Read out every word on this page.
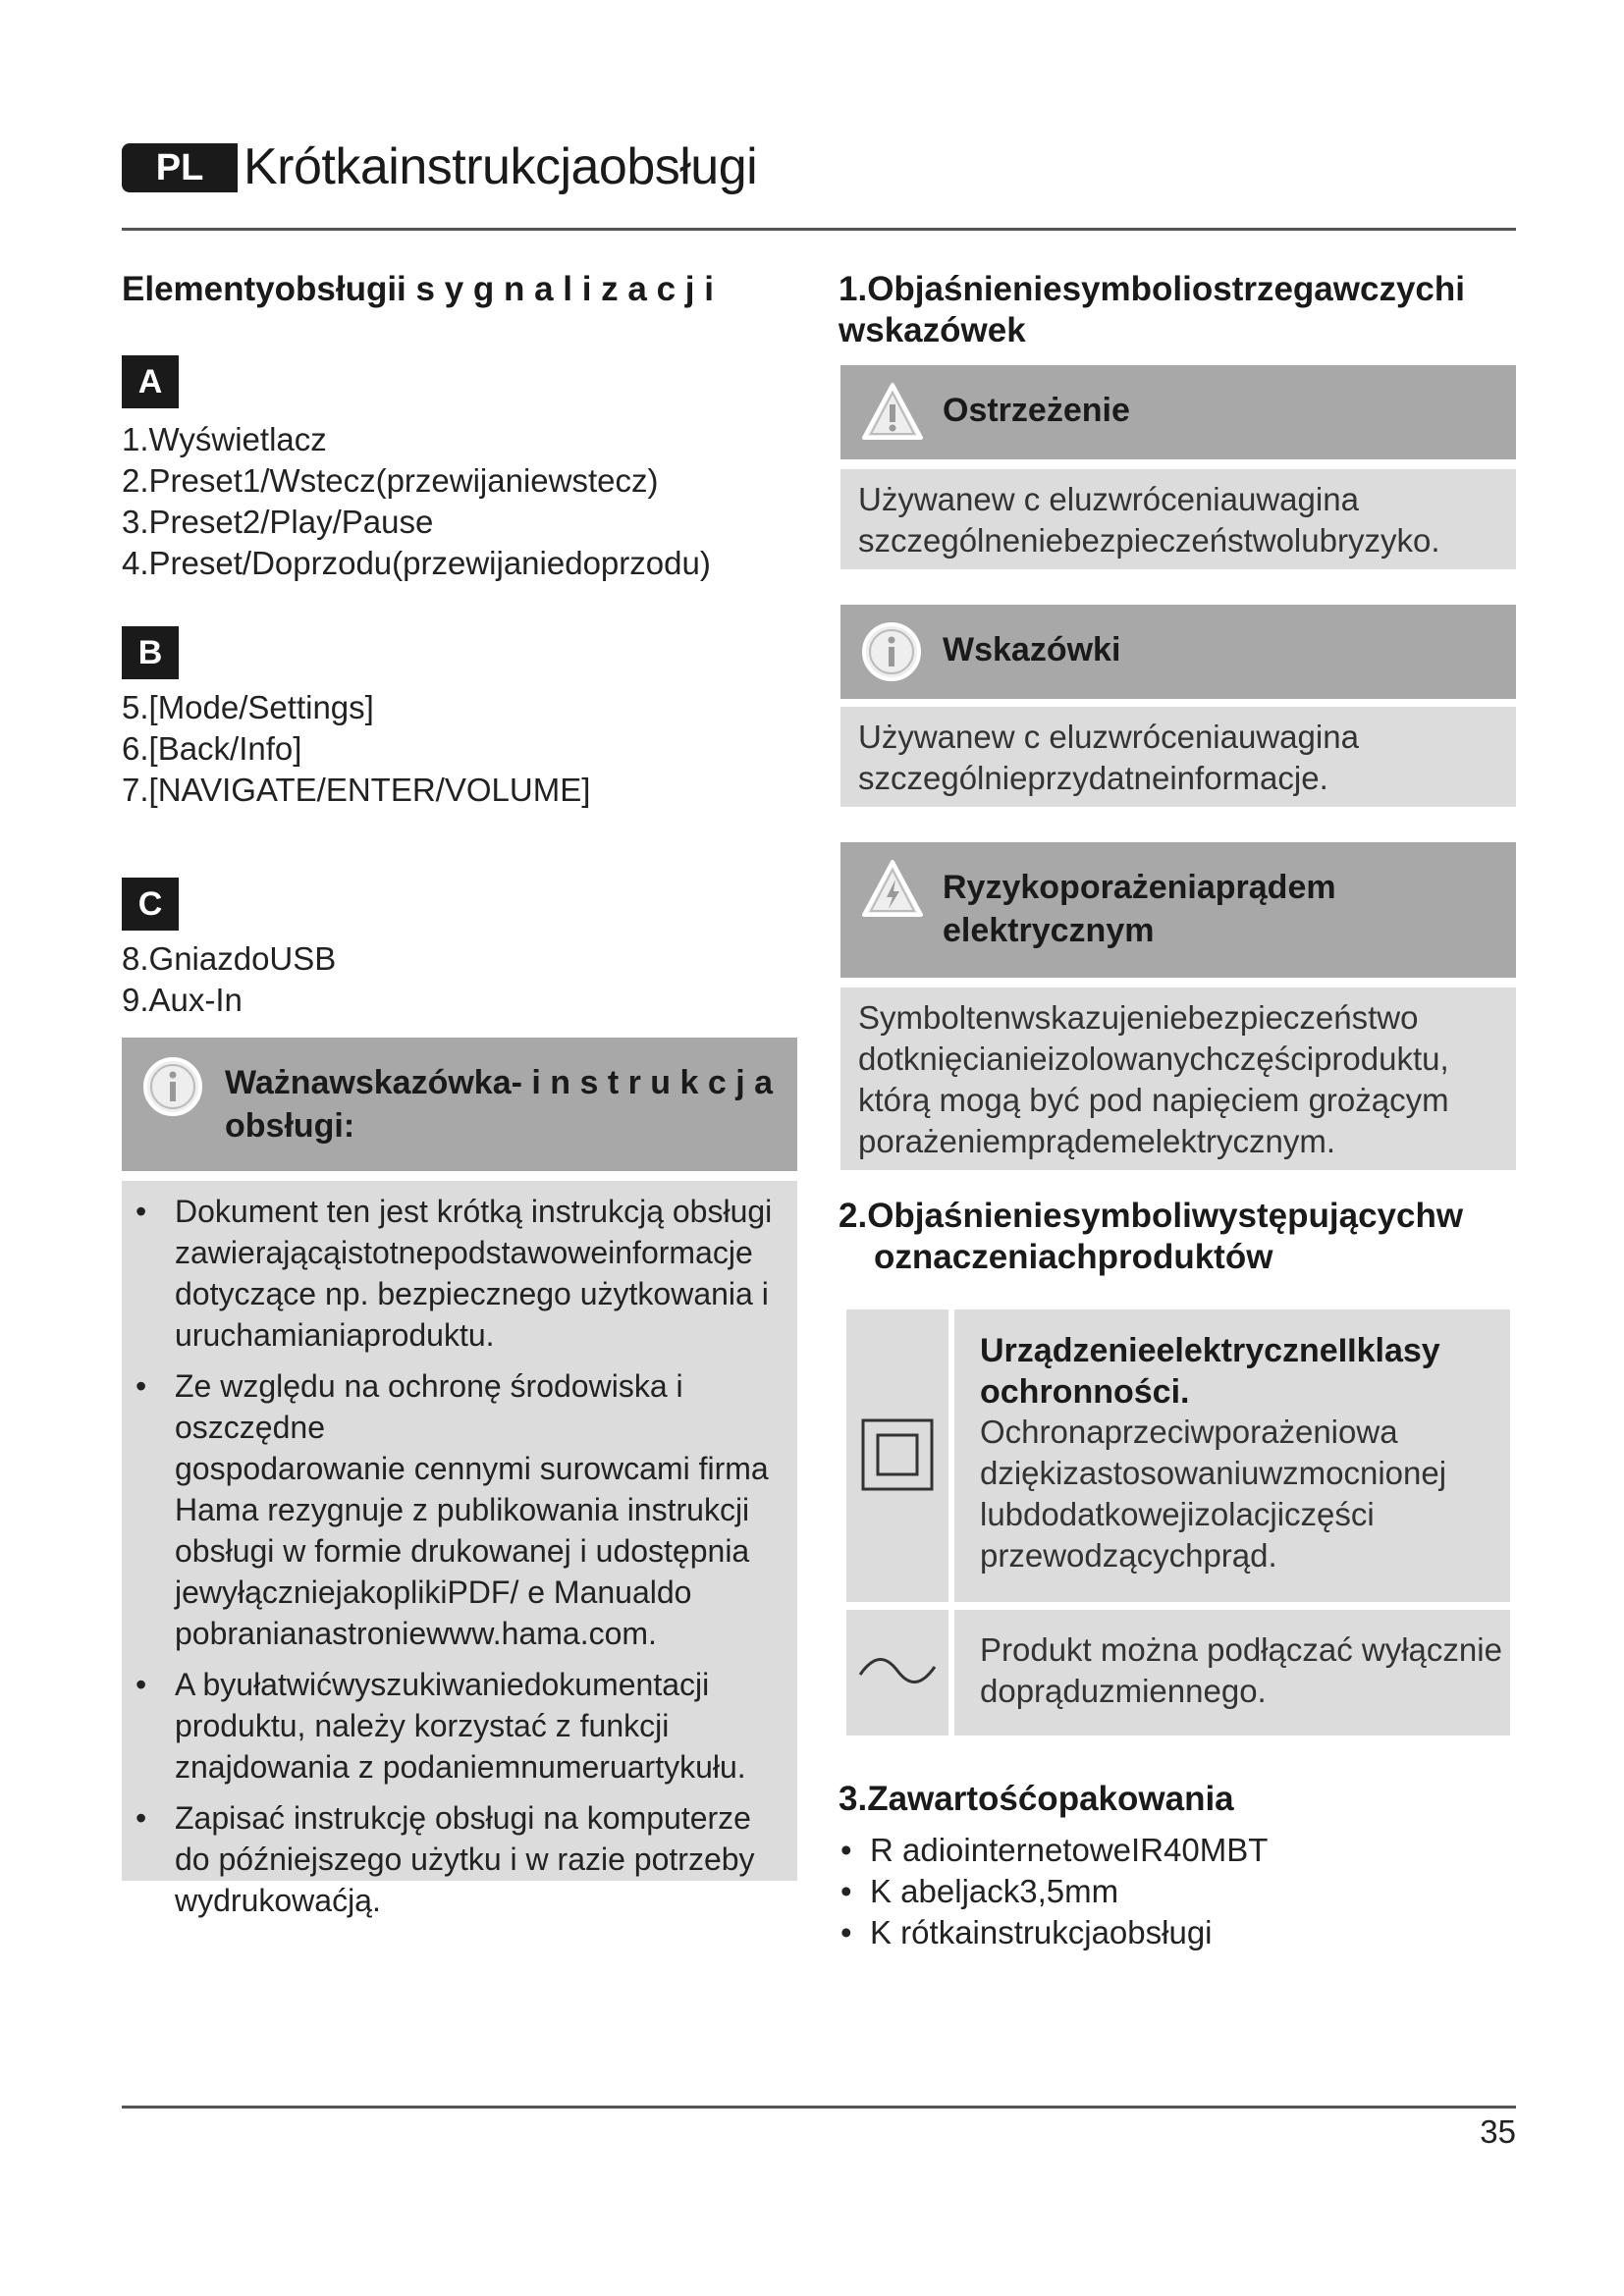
PL Krótkainstrukcjaobsługi
Elementyobsługii s y g n a l i z a c j i
A
1.Wyświetlacz
2.Preset1/Wstecz(przewijaniewstecz)
3.Preset2/Play/Pause
4.Preset/Doprzodu(przewijaniedoprzodu)
B
5.[Mode/Settings]
6.[Back/Info]
7.[NAVIGATE/ENTER/VOLUME]
C
8.GniazdoUSB
9.Aux-In
Ważnawskazówka- i n s t r u k c j a
obsługi:
• Dokument ten jest krótką instrukcją obsługi
zawierającąistotnepodstawoweinformacje
dotyczące np. bezpiecznego użytkowania i
uruchamianiaproduktu.
• Ze względu na ochronę środowiska i oszczędne
gospodarowanie cennymi surowcami firma
Hama rezygnuje z publikowania instrukcji
obsługi w formie drukowanej i udostępnia
jewyłączniejakoplikiPDF/ e Manualdo
pobranianastroniewww.hama.com.
• A byułatwićwyszukiwaniedokumentacji
produktu, należy korzystać z funkcji
znajdowania z podaniemnumeruartykułu.
• Zapisać instrukcję obsługi na komputerze
do późniejszego użytku i w razie potrzeby
wydrukowaćją.
1.Objaśnieniesymboliostrzegawczychi
wskazówek
Ostrzeżenie
Używanew c eluzwróceniauwagina
szczególneniebezpieczeństwolubryzyko.
Wskazówki
Używanew c eluzwróceniauwagina
szczególnieprzydatneinformacje.
Ryzykoporażeniaprądem
elektrycznym
Symboltenwskazujeniebezpieczeństwo
dotknięcianieizolowanychczęściproduktu,
którą mogą być pod napięciem grożącym
porażeniemprądemelektrycznym.
2.Objaśnieniesymboliwystępującychw
oznaczeniachproduktów
UrządzenieelektryczneIIklasy
ochronności.
Ochronaprzeciwporażeniowa
dziękizastosowaniuwzmocnionej
lubdodatkowejizolacjiczęści
przewodzącychprąd.
Produkt można podłączać wyłącznie
doprąduzmiennego.
3.Zawartośćopakowania
• R adiointernetoweIR40MBT
• K abeljack3,5mm
• K rótkainstrukcjaobsługi
35
